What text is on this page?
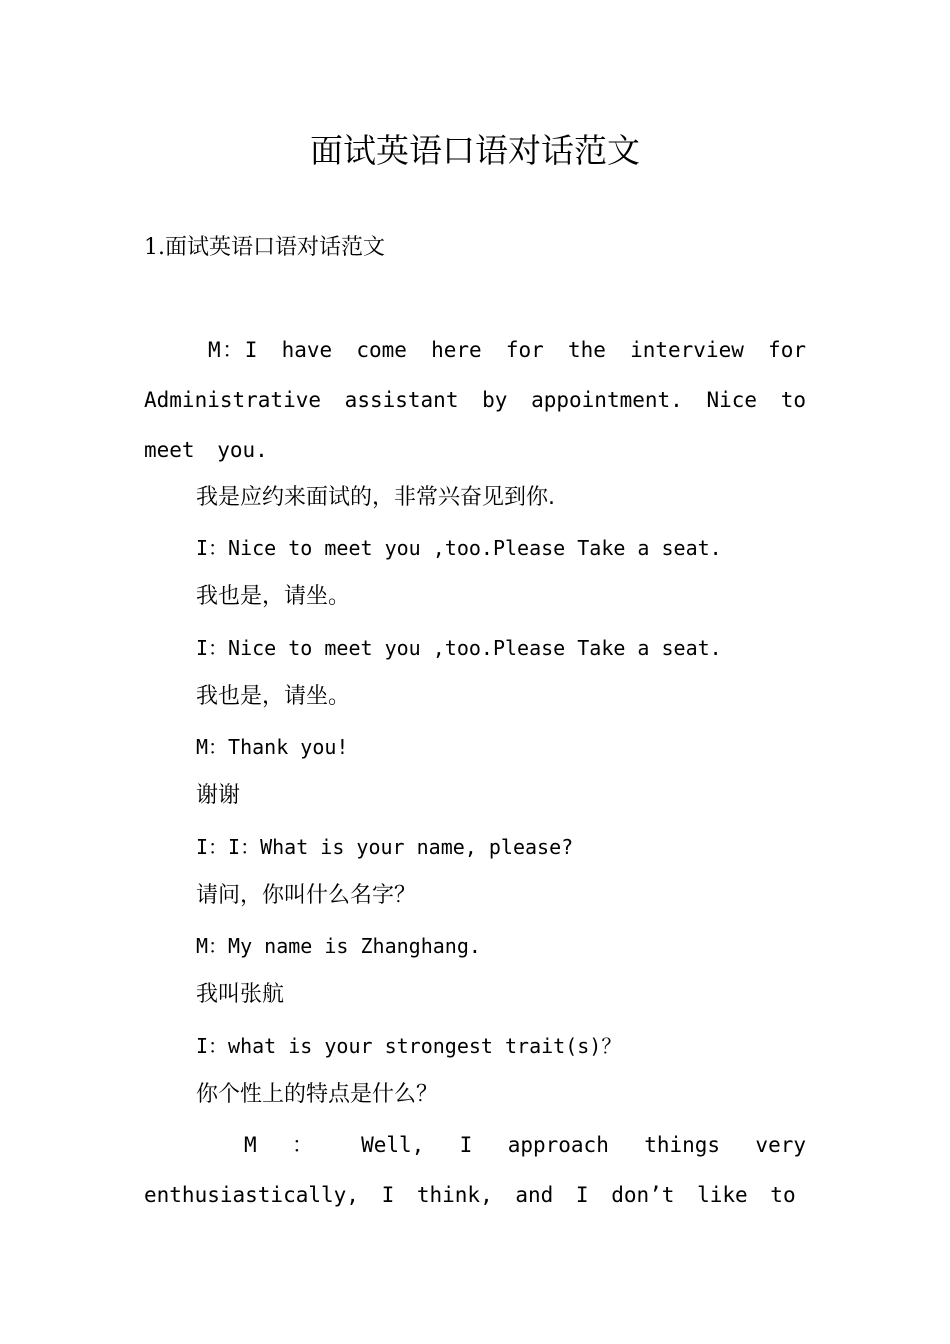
面试英语口语对话范文

1.面试英语口语对话范文

M：I have come here for the interview for Administrative assistant by appointment. Nice to meet you.

我是应约来面试的，非常兴奋见到你.

I：Nice to meet you ,too.Please Take a seat.

我也是，请坐。

I：Nice to meet you ,too.Please Take a seat.

我也是，请坐。

M：Thank you!

谢谢

I：I：What is your name, please?

请问，你叫什么名字？

M：My name is Zhanghang.

我叫张航

I：what is your strongest trait(s)？

你个性上的特点是什么？

M ： Well, I approach things very enthusiastically, I think, and I don’t like to
